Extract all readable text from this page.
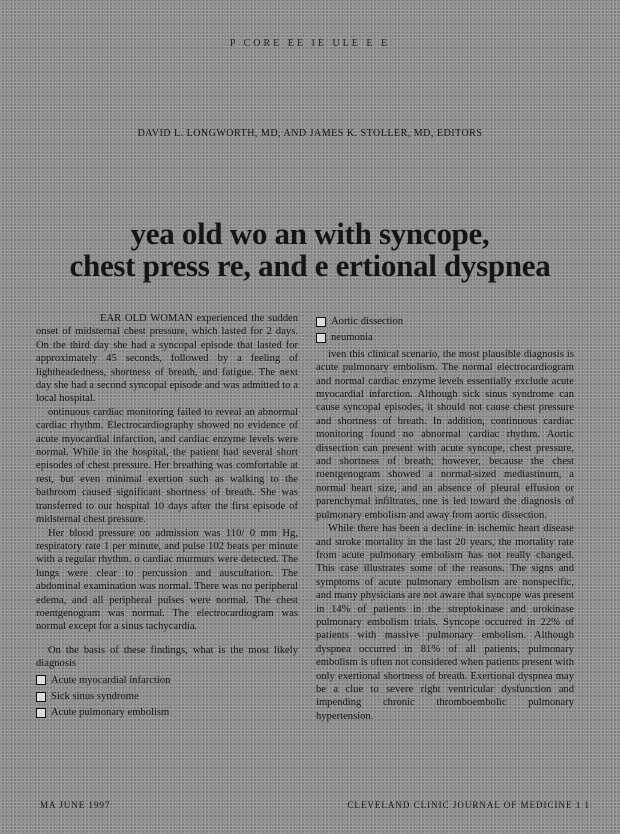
P CORE EE IE ULE E E
DAVID L. LONGWORTH, MD, AND JAMES K. STOLLER, MD, EDITORS
yea old wo an with syncope,
chest press re, and e ertional dyspnea

EAR OLD WOMAN experienced the sudden onset of midsternal chest pressure, which lasted for 2 days. On the third day she had a syncopal episode that lasted for approximately 45 seconds, followed by a feeling of lightheadedness, shortness of breath, and fatigue. The next day she had a second syncopal episode and was admitted to a local hospital.

ontinuous cardiac monitoring failed to reveal an abnormal cardiac rhythm. Electrocardiography showed no evidence of acute myocardial infarction, and cardiac enzyme levels were normal. While in the hospital, the patient had several short episodes of chest pressure. Her breathing was comfortable at rest, but even minimal exertion such as walking to the bathroom caused significant shortness of breath. She was transferred to our hospital 10 days after the first episode of midsternal chest pressure.

Her blood pressure on admission was 110/ 0 mm Hg, respiratory rate 1 per minute, and pulse 102 beats per minute with a regular rhythm. o cardiac murmurs were detected. The lungs were clear to percussion and auscultation. The abdominal examination was normal. There was no peripheral edema, and all peripheral pulses were normal. The chest roentgenogram was normal. The electrocardiogram was normal except for a sinus tachycardia.

On the basis of these findings, what is the most likely diagnosis

Acute myocardial infarction
Sick sinus syndrome
Acute pulmonary embolism
Aortic dissection
neumonia

iven this clinical scenario, the most plausible diagnosis is acute pulmonary embolism. The normal electrocardiogram and normal cardiac enzyme levels essentially exclude acute myocardial infarction. Although sick sinus syndrome can cause syncopal episodes, it should not cause chest pressure and shortness of breath. In addition, continuous cardiac monitoring found no abnormal cardiac rhythm. Aortic dissection can present with acute syncope, chest pressure, and shortness of breath; however, because the chest roentgenogram showed a normal-sized mediastinum, a normal heart size, and an absence of pleural effusion or parenchymal infiltrates, one is led toward the diagnosis of pulmonary embolism and away from aortic dissection.

While there has been a decline in ischemic heart disease and stroke mortality in the last 20 years, the mortality rate from acute pulmonary embolism has not really changed. This case illustrates some of the reasons. The signs and symptoms of acute pulmonary embolism are nonspecific, and many physicians are not aware that syncope was present in 14% of patients in the streptokinase and urokinase pulmonary embolism trials. Syncope occurred in 22% of patients with massive pulmonary embolism. Although dyspnea occurred in 81% of all patients, pulmonary embolism is often not considered when patients present with only exertional shortness of breath. Exertional dyspnea may be a clue to severe right ventricular dysfunction and impending chronic thromboembolic pulmonary hypertension.

MA JUNE 1997	CLEVELAND CLINIC JOURNAL OF MEDICINE 1 1
